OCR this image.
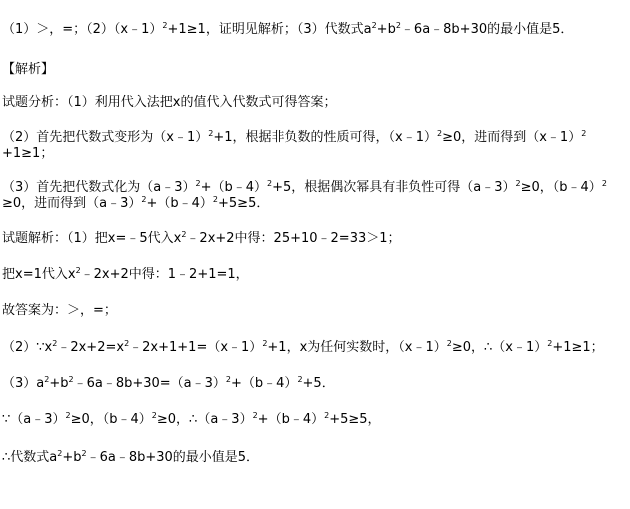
（1）＞，=；（2）（x﹣1）$^2$+1≥1，证明见解析；（3）代数式$a^2+b^2﹣6a﹣8b+30$的最小值是5．
【解析】
试题分析：（1）利用代入法把x的值代入代数式可得答案；
（2）首先把代数式变形为（x﹣1）$^2$+1，根据非负数的性质可得，（x﹣1）$^2$≥0，进而得到（x﹣1）$^2$
+1≥1；
（3）首先把代数式化为（a﹣3）$^2$+（b﹣4）$^2$+5，根据偶次幂具有非负性可得（a﹣3）$^2$≥0，（b﹣4）$^2$
≥0，进而得到（a﹣3）$^2$+（b﹣4）$^2$+5≥5．
试题解析：（1）把x=﹣5代入$x^2﹣2x+2$中得：25+10﹣2=33＞1；
把x=1代入$x^2﹣2x+2$中得：1﹣2+1=1，
故答案为：＞，=；
$(2)\because x^2﹣2x+2=x^2﹣2x+1+1=(x﹣1)^2+1$，x为任何实数时，（x﹣1）$^2$≥0，∴（x﹣1）$^2$+1≥1；
$(3)a^2+b^2﹣6a﹣8b+30=(a﹣3)^2+(b﹣4)^2+5$．
∵（a﹣3）$^2$≥0，（b﹣4）$^2$≥0，∴（a﹣3）$^2$+（b﹣4）$^2$+5≥5，
∴代数式$a^2+b^2﹣6a﹣8b+30$的最小值是5．
